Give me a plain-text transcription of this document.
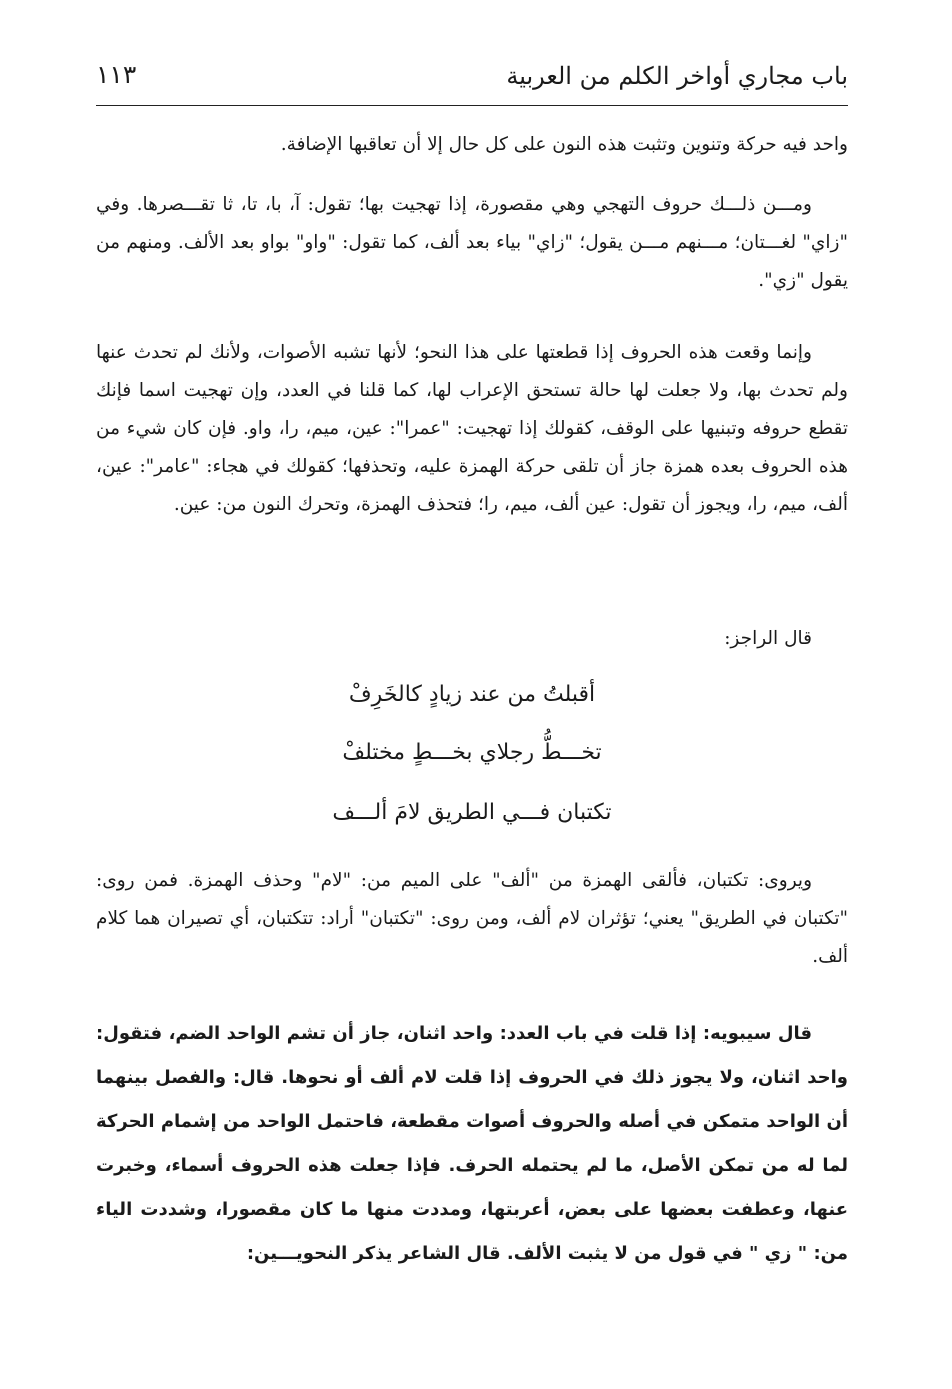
باب مجاري أواخر الكلم من العربية
١١٣
واحد فيه حركة وتنوين وتثبت هذه النون على كل حال إلا أن تعاقبها الإضافة.
ومـــن ذلـــك حروف التهجي وهي مقصورة، إذا تهجيت بها؛ تقول: آ، با، تا، ثا تقـــصرها. وفي "زاي" لغـــتان؛ مـــنهم مـــن يقول؛ "زاي" بياء بعد ألف، كما تقول: "واو" بواو بعد الألف. ومنهم من يقول "زي".
وإنما وقعت هذه الحروف إذا قطعتها على هذا النحو؛ لأنها تشبه الأصوات، ولأنك لم تحدث عنها ولم تحدث بها، ولا جعلت لها حالة تستحق الإعراب لها، كما قلنا في العدد، وإن تهجيت اسما فإنك تقطع حروفه وتبنيها على الوقف، كقولك إذا تهجيت: "عمرا": عين، ميم، را، واو. فإن كان شيء من هذه الحروف بعده همزة جاز أن تلقى حركة الهمزة عليه، وتحذفها؛ كقولك في هجاء: "عامر": عين، ألف، ميم، را، ويجوز أن تقول: عين ألف، ميم، را؛ فتحذف الهمزة، وتحرك النون من: عين.
قال الراجز:
أقبلتُ من عند زيادٍ كالخَرِفْ
تخـــطُّ رجلاي بخـــطٍ مختلفْ
تكتبان فـــي الطريق لامَ ألـــف
ويروى: تكتبان، فألقى الهمزة من "ألف" على الميم من: "لام" وحذف الهمزة. فمن روى: "تكتبان في الطريق" يعني؛ تؤثران لام ألف، ومن روى: "تكتبان" أراد: تتكتبان، أي تصيران هما كلام ألف.
قال سيبويه: إذا قلت في باب العدد: واحد اثنان، جاز أن تشم الواحد الضم، فتقول: واحد اثنان، ولا يجوز ذلك في الحروف إذا قلت لام ألف أو نحوها. قال: والفصل بينهما أن الواحد متمكن في أصله والحروف أصوات مقطعة، فاحتمل الواحد من إشمام الحركة لما له من تمكن الأصل، ما لم يحتمله الحرف. فإذا جعلت هذه الحروف أسماء، وخبرت عنها، وعطفت بعضها على بعض، أعربتها، ومددت منها ما كان مقصورا، وشددت الياء من: " زي " في قول من لا يثبت الألف. قال الشاعر يذكر النحويـــين:
